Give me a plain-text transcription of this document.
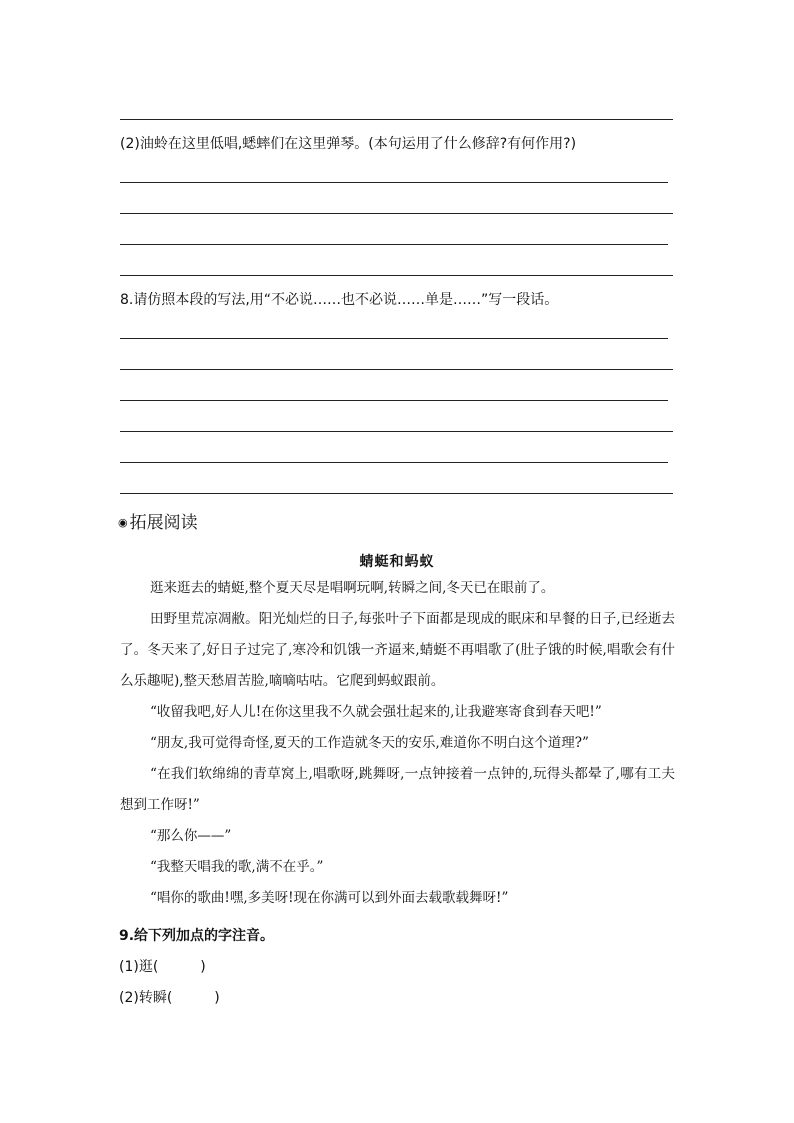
(2)油蛉在这里低唱,蟋蟀们在这里弹琴。(本句运用了什么修辞?有何作用?)
8.请仿照本段的写法,用“不必说……也不必说……单是……”写一段话。
◉ 拓展阅读
蜻蜓和蚂蚁

逛来逛去的蜻蜓,整个夏天尽是唱啊玩啊,转瞬之间,冬天已在眼前了。

田野里荒凉凋敝。阳光灿烂的日子,每张叶子下面都是现成的眠床和早餐的日子,已经逝去了。冬天来了,好日子过完了,寒冷和饥饿一齐逼来,蜻蜓不再唱歌了(肚子饿的时候,唱歌会有什么乐趣呢),整天愁眉苦脸,嘀嘀咕咕。它爬到蚂蚁跟前。

“收留我吧,好人儿!在你这里我不久就会强壮起来的,让我避寒寄食到春天吧!”

“朋友,我可觉得奇怪,夏天的工作造就冬天的安乐,难道你不明白这个道理?”

“在我们软绵绵的青草窝上,唱歌呀,跳舞呀,一点钟接着一点钟的,玩得头都晕了,哪有工夫想到工作呀!”

“那么你——”

“我整天唱我的歌,满不在乎。”

“唱你的歌曲!嘿,多美呀!现在你满可以到外面去载歌载舞呀!”

9.给下列加点的字注音。
(1)逛(　　　)
(2)转瞬(　　　)
